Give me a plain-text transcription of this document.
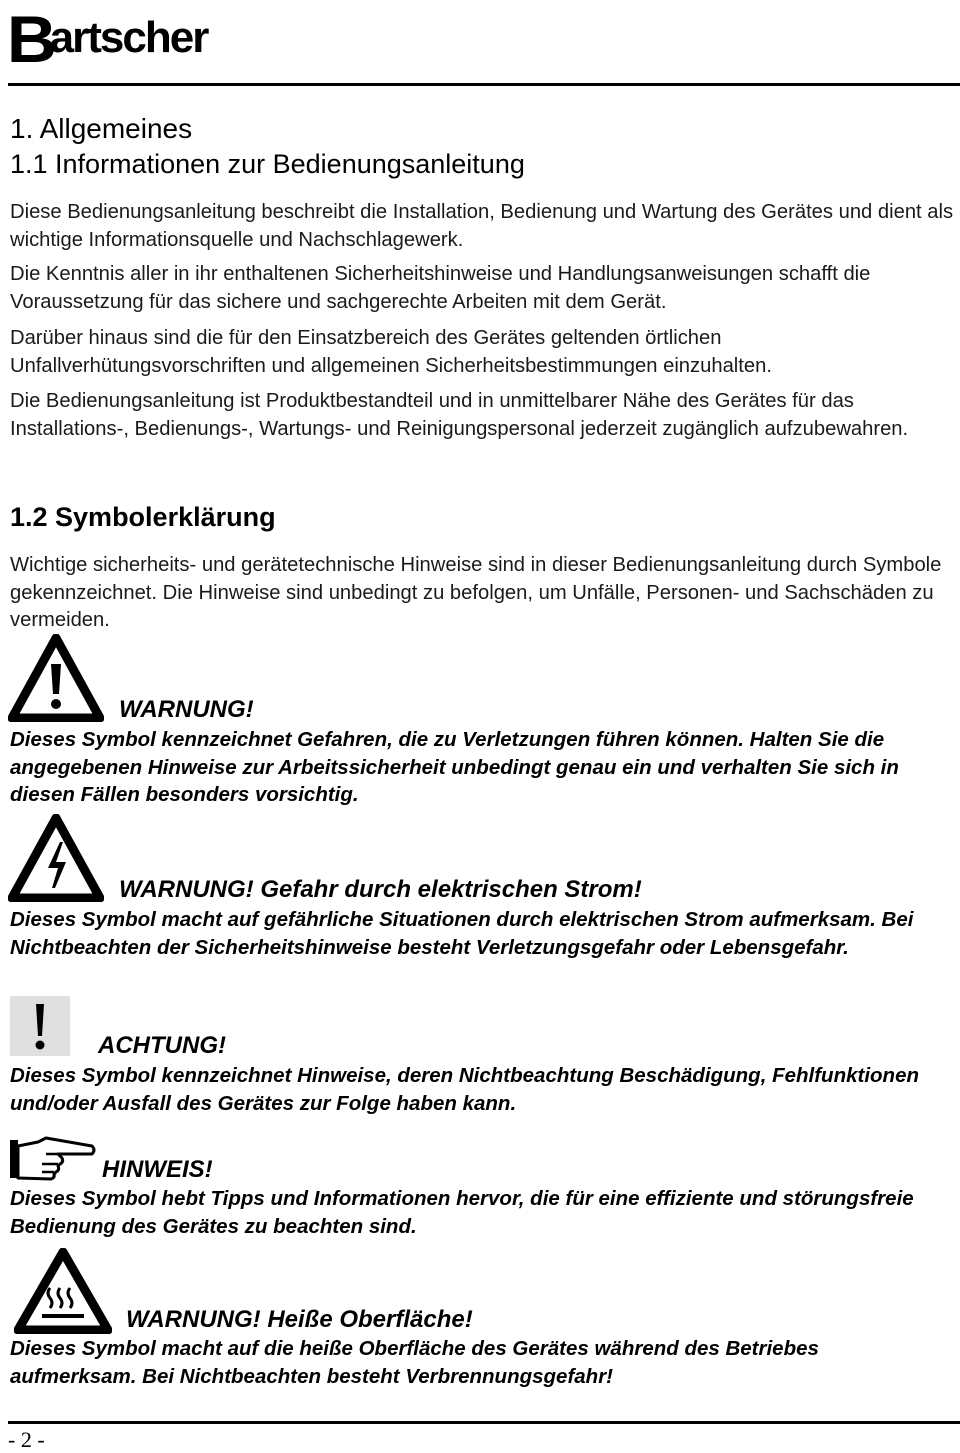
B
artscher
1. Allgemeines
1.1 Informationen zur Bedienungsanleitung

Diese Bedienungsanleitung beschreibt die Installation, Bedienung und Wartung des Gerätes und dient als wichtige Informationsquelle und Nachschlagewerk.

Die Kenntnis aller in ihr enthaltenen Sicherheitshinweise und Handlungsanweisungen schafft die Voraussetzung für das sichere und sachgerechte Arbeiten mit dem Gerät.

Darüber hinaus sind die für den Einsatzbereich des Gerätes geltenden örtlichen Unfallverhütungsvorschriften und allgemeinen Sicherheitsbestimmungen einzuhalten.

Die Bedienungsanleitung ist Produktbestandteil und in unmittelbarer Nähe des Gerätes für das Installations-, Bedienungs-, Wartungs- und Reinigungspersonal jederzeit zugänglich aufzubewahren.

1.2 Symbolerklärung

Wichtige sicherheits- und gerätetechnische Hinweise sind in dieser Bedienungsanleitung durch Symbole gekennzeichnet. Die Hinweise sind unbedingt zu befolgen, um Unfälle, Personen- und Sachschäden zu vermeiden.

WARNUNG!
Dieses Symbol kennzeichnet Gefahren, die zu Verletzungen führen können. Halten Sie die angegebenen Hinweise zur Arbeitssicherheit unbedingt genau ein und verhalten Sie sich in diesen Fällen besonders vorsichtig.
WARNUNG! Gefahr durch elektrischen Strom!
Dieses Symbol macht auf gefährliche Situationen durch elektrischen Strom aufmerksam. Bei Nichtbeachten der Sicherheitshinweise besteht Verletzungsgefahr oder Lebensgefahr.
ACHTUNG!
Dieses Symbol kennzeichnet Hinweise, deren Nichtbeachtung Beschädigung, Fehlfunktionen und/oder Ausfall des Gerätes zur Folge haben kann.
HINWEIS!
Dieses Symbol hebt Tipps und Informationen hervor, die für eine effiziente und störungsfreie Bedienung des Gerätes zu beachten sind.
WARNUNG! Heiße Oberfläche!
Dieses Symbol macht auf die heiße Oberfläche des Gerätes während des Betriebes aufmerksam. Bei Nichtbeachten besteht Verbrennungsgefahr!
- 2 -
